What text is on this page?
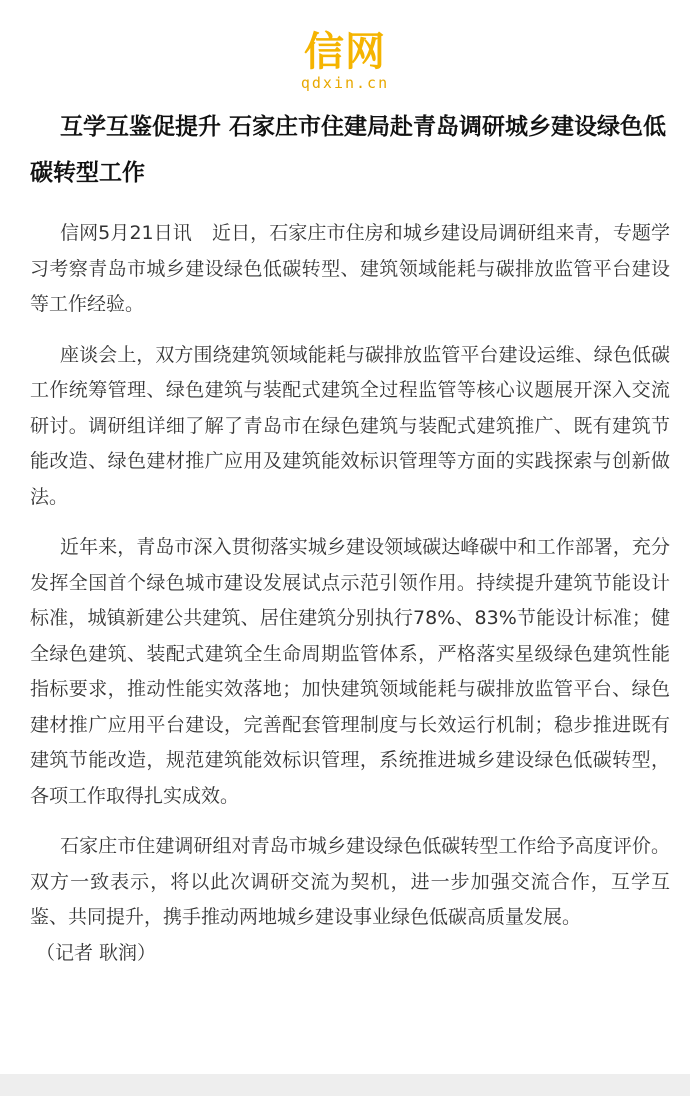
信网
qdxin.cn
互学互鉴促提升 石家庄市住建局赴青岛调研城乡建设绿色低碳转型工作

信网5月21日讯 近日，石家庄市住房和城乡建设局调研组来青，专题学习考察青岛市城乡建设绿色低碳转型、建筑领域能耗与碳排放监管平台建设等工作经验。

座谈会上，双方围绕建筑领域能耗与碳排放监管平台建设运维、绿色低碳工作统筹管理、绿色建筑与装配式建筑全过程监管等核心议题展开深入交流研讨。调研组详细了解了青岛市在绿色建筑与装配式建筑推广、既有建筑节能改造、绿色建材推广应用及建筑能效标识管理等方面的实践探索与创新做法。

近年来，青岛市深入贯彻落实城乡建设领域碳达峰碳中和工作部署，充分发挥全国首个绿色城市建设发展试点示范引领作用。持续提升建筑节能设计标准，城镇新建公共建筑、居住建筑分别执行78%、83%节能设计标准；健全绿色建筑、装配式建筑全生命周期监管体系，严格落实星级绿色建筑性能指标要求，推动性能实效落地；加快建筑领域能耗与碳排放监管平台、绿色建材推广应用平台建设，完善配套管理制度与长效运行机制；稳步推进既有建筑节能改造，规范建筑能效标识管理，系统推进城乡建设绿色低碳转型，各项工作取得扎实成效。

石家庄市住建调研组对青岛市城乡建设绿色低碳转型工作给予高度评价。双方一致表示，将以此次调研交流为契机，进一步加强交流合作，互学互鉴、共同提升，携手推动两地城乡建设事业绿色低碳高质量发展。

（记者 耿润）
